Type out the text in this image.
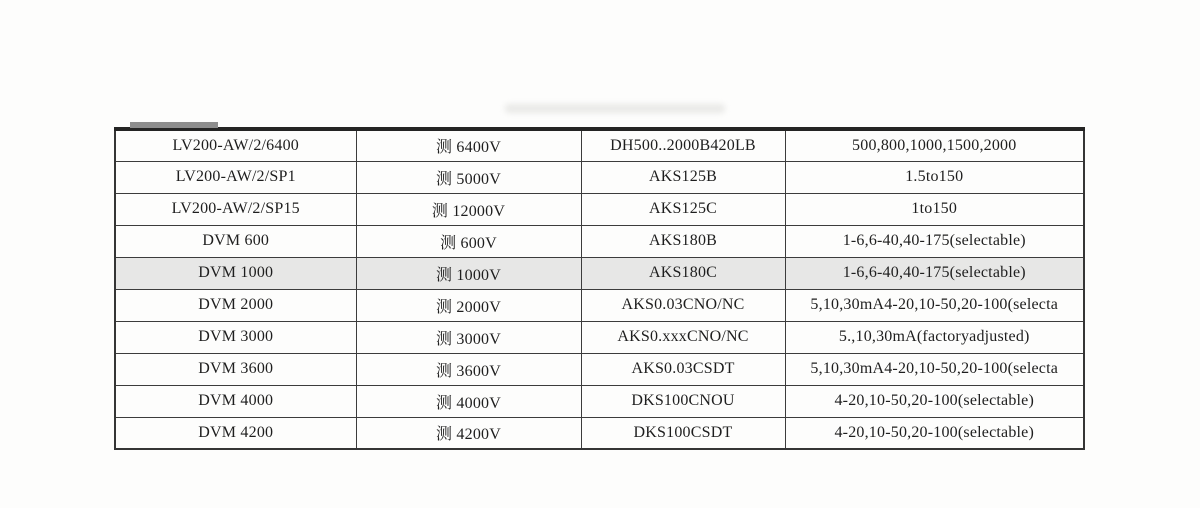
LV200-AW/2/6400	测 6400V	DH500..2000B420LB	500,800,1000,1500,2000
LV200-AW/2/SP1	测 5000V	AKS125B	1.5to150
LV200-AW/2/SP15	测 12000V	AKS125C	1to150
DVM 600	测 600V	AKS180B	1-6,6-40,40-175(selectable)
DVM 1000	测 1000V	AKS180C	1-6,6-40,40-175(selectable)
DVM 2000	测 2000V	AKS0.03CNO/NC	5,10,30mA4-20,10-50,20-100(selecta
DVM 3000	测 3000V	AKS0.xxxCNO/NC	5.,10,30mA(factoryadjusted)
DVM 3600	测 3600V	AKS0.03CSDT	5,10,30mA4-20,10-50,20-100(selecta
DVM 4000	测 4000V	DKS100CNOU	4-20,10-50,20-100(selectable)
DVM 4200	测 4200V	DKS100CSDT	4-20,10-50,20-100(selectable)
